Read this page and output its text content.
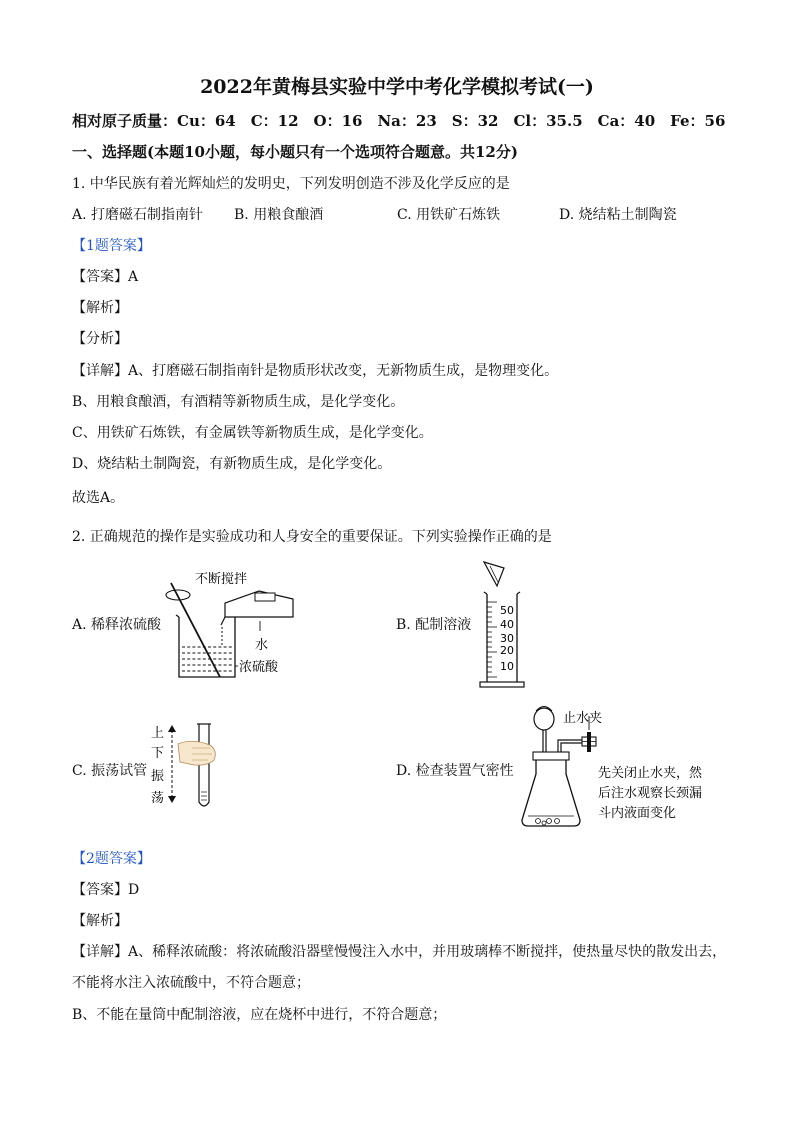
2022年黄梅县实验中学中考化学模拟考试(一)
相对原子质量：Cu：64　C：12　O：16　Na：23　S：32　Cl：35.5　Ca：40　Fe：56
一、选择题(本题10小题，每小题只有一个选项符合题意。共12分)
1. 中华民族有着光辉灿烂的发明史，下列发明创造不涉及化学反应的是
A. 打磨磁石制指南针 B. 用粮食酿酒	C. 用铁矿石炼铁	D. 烧结粘土制陶瓷
【1题答案】
【答案】A
【解析】
【分析】
【详解】A、打磨磁石制指南针是物质形状改变，无新物质生成，是物理变化。
B、用粮食酿酒，有酒精等新物质生成，是化学变化。
C、用铁矿石炼铁，有金属铁等新物质生成，是化学变化。
D、烧结粘土制陶瓷，有新物质生成，是化学变化。
故选A。
2. 正确规范的操作是实验成功和人身安全的重要保证。下列实验操作正确的是
A. 稀释浓硫酸	B. 配制溶液
C. 振荡试管	D. 检查装置气密性
不断搅拌
水
浓硫酸
50
40
30
20
10
上
下
振
荡
止水夹
先关闭止水夹，然
后注水观察长颈漏
斗内液面变化
【2题答案】
【答案】D
【解析】
【详解】A、稀释浓硫酸：将浓硫酸沿器壁慢慢注入水中，并用玻璃棒不断搅拌，使热量尽快的散发出去，
不能将水注入浓硫酸中，不符合题意；
B、不能在量筒中配制溶液，应在烧杯中进行，不符合题意；
